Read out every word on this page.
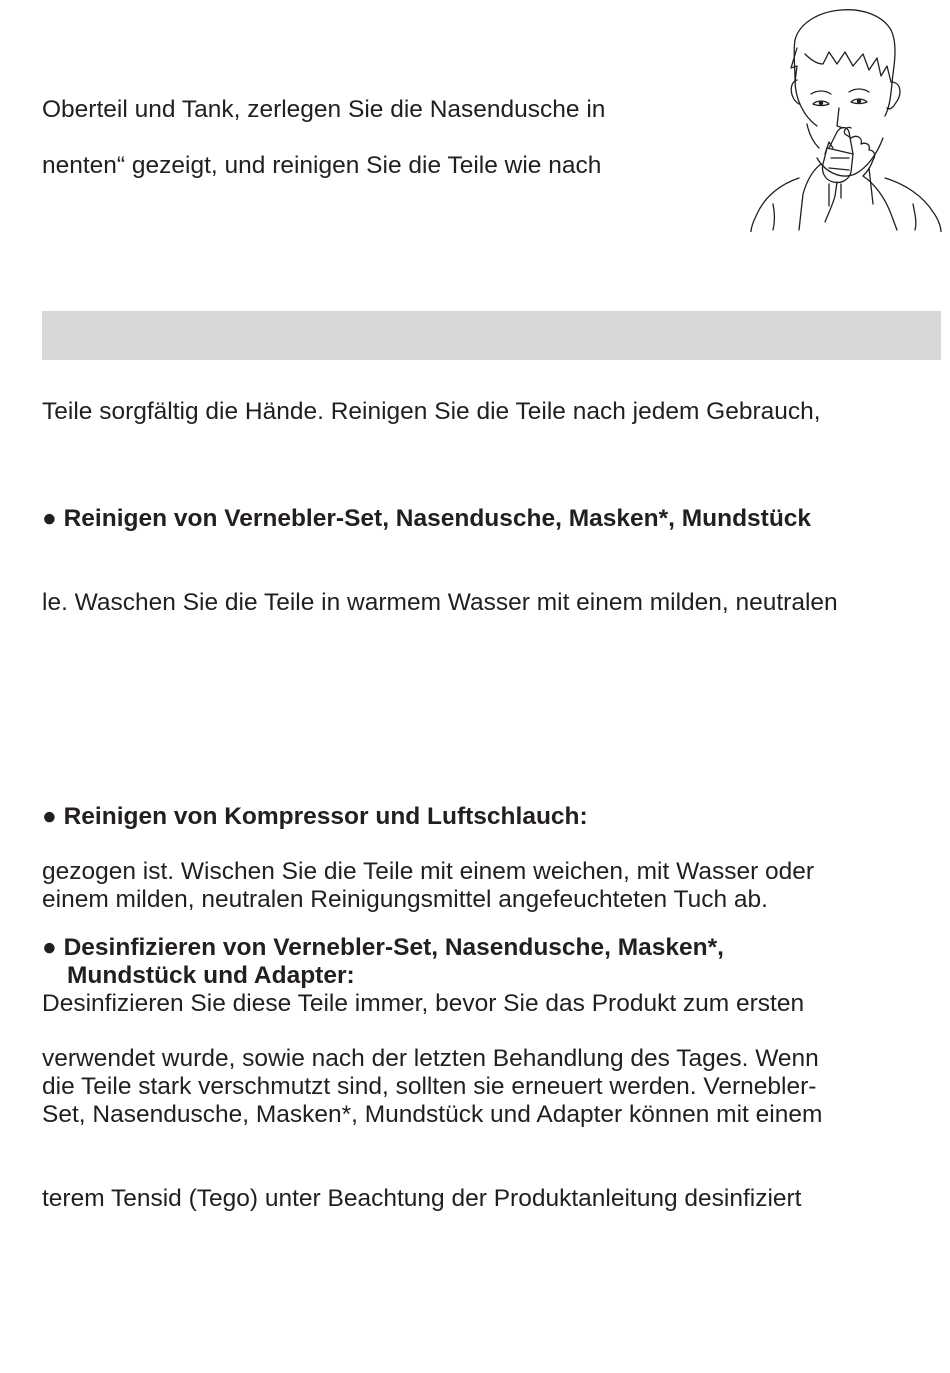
Oberteil und Tank, zerlegen Sie die Nasendusche in
nenten“ gezeigt, und reinigen Sie die Teile wie nach
Teile sorgfältig die Hände. Reinigen Sie die Teile nach jedem Gebrauch,
● Reinigen von Vernebler-Set, Nasendusche, Masken*, Mundstück
le. Waschen Sie die Teile in warmem Wasser mit einem milden, neutralen
● Reinigen von Kompressor und Luftschlauch:
gezogen ist. Wischen Sie die Teile mit einem weichen, mit Wasser oder
einem milden, neutralen Reinigungsmittel angefeuchteten Tuch ab.
● Desinfizieren von Vernebler-Set, Nasendusche, Masken*,
Mundstück und Adapter:
Desinfizieren Sie diese Teile immer, bevor Sie das Produkt zum ersten
verwendet wurde, sowie nach der letzten Behandlung des Tages. Wenn
die Teile stark verschmutzt sind, sollten sie erneuert werden. Vernebler-
Set, Nasendusche, Masken*, Mundstück und Adapter können mit einem
terem Tensid (Tego) unter Beachtung der Produktanleitung desinfiziert
